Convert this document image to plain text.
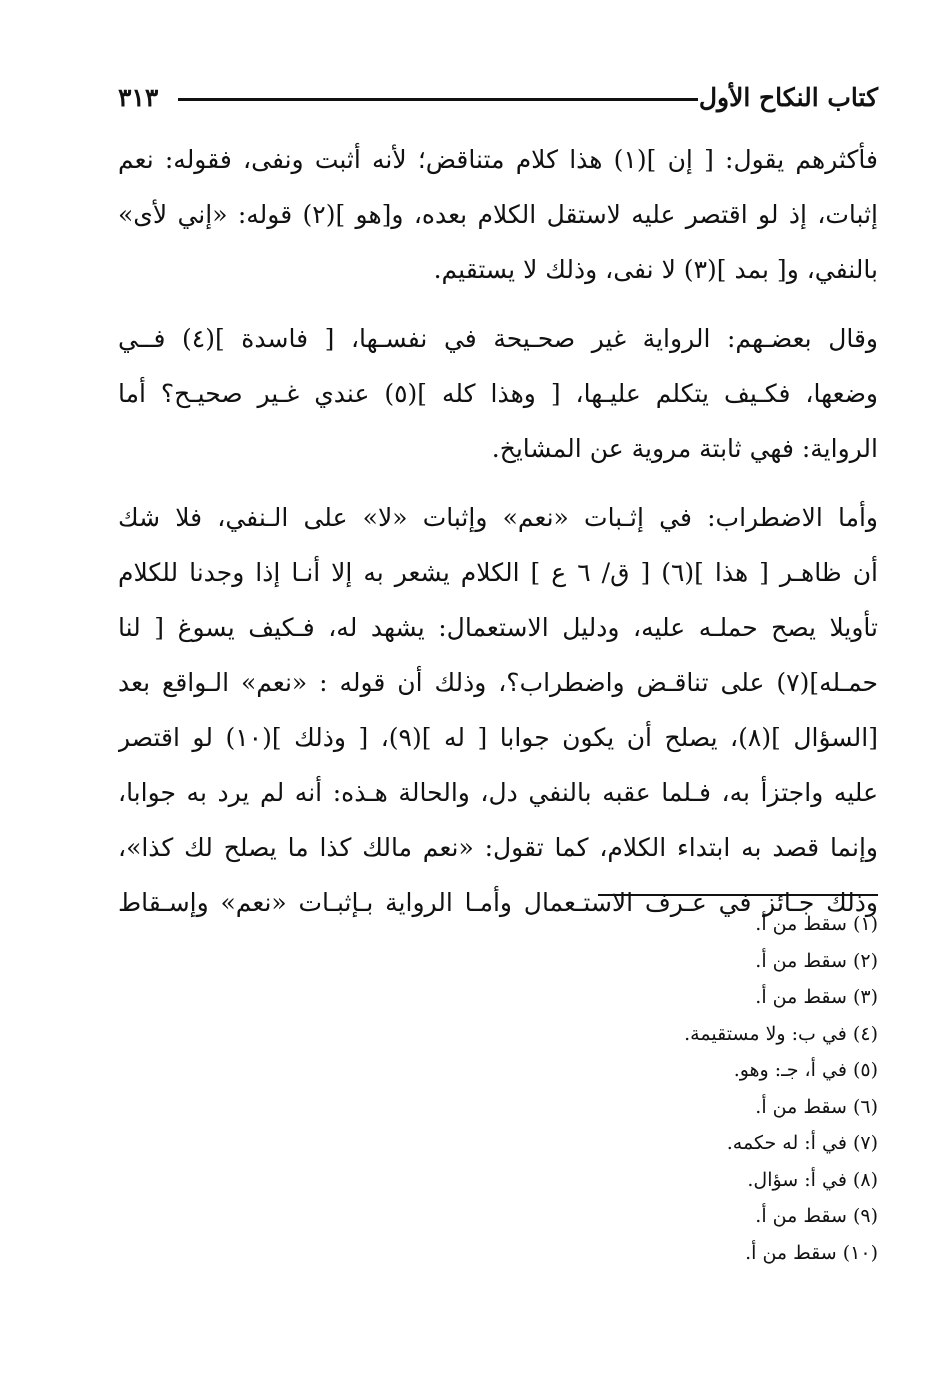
كتاب النكاح الأول
٣١٣

فأكثرهم يقول: [ إن ](١) هذا كلام متناقض؛ لأنه أثبت ونفى، فقوله: نعم
إثبات، إذ لو اقتصر عليه لاستقل الكلام بعده، و[هو ](٢) قوله: «إني لأى»
بالنفي، و[ بمد ](٣) لا نفى، وذلك لا يستقيم.

وقال بعضـهم: الرواية غير صحـيحة في نفسـها، [ فاسدة ](٤) فــي
وضعها، فكـيف يتكلم عليـها، [ وهذا كله ](٥) عندي غـير صحيـح؟ أما
الرواية: فهي ثابتة مروية عن المشايخ.

وأما الاضطراب: في إثـبات «نعم» وإثبات «لا» على الـنفي، فلا شك
أن ظاهـر [ هذا ](٦) [ ق/ ٦ ع ] الكلام يشعر به إلا أنـا إذا وجدنا للكلام
تأويلا يصح حملـه عليه، ودليل الاستعمال: يشهد له، فـكيف يسوغ [ لنا
حمـله](٧) على تناقـض واضطراب؟، وذلك أن قوله : «نعم» الـواقع بعد
[السؤال ](٨)، يصلح أن يكون جوابا [ له ](٩)، [ وذلك ](١٠) لو اقتصر
عليه واجتزأ به، فـلما عقبه بالنفي دل، والحالة هـذه: أنه لم يرد به جوابا،
وإنما قصد به ابتداء الكلام، كما تقول: «نعم مالك كذا ما يصلح لك كذا»،
وذلك جـائز في عـرف الاستـعمال وأمـا الرواية بـإثبـات «نعم» وإسـقاط

(١) سقط من أ.
(٢) سقط من أ.
(٣) سقط من أ.
(٤) في ب: ولا مستقيمة.
(٥) في أ، جـ: وهو.
(٦) سقط من أ.
(٧) في أ: له حكمه.
(٨) في أ: سؤال.
(٩) سقط من أ.
(١٠) سقط من أ.
